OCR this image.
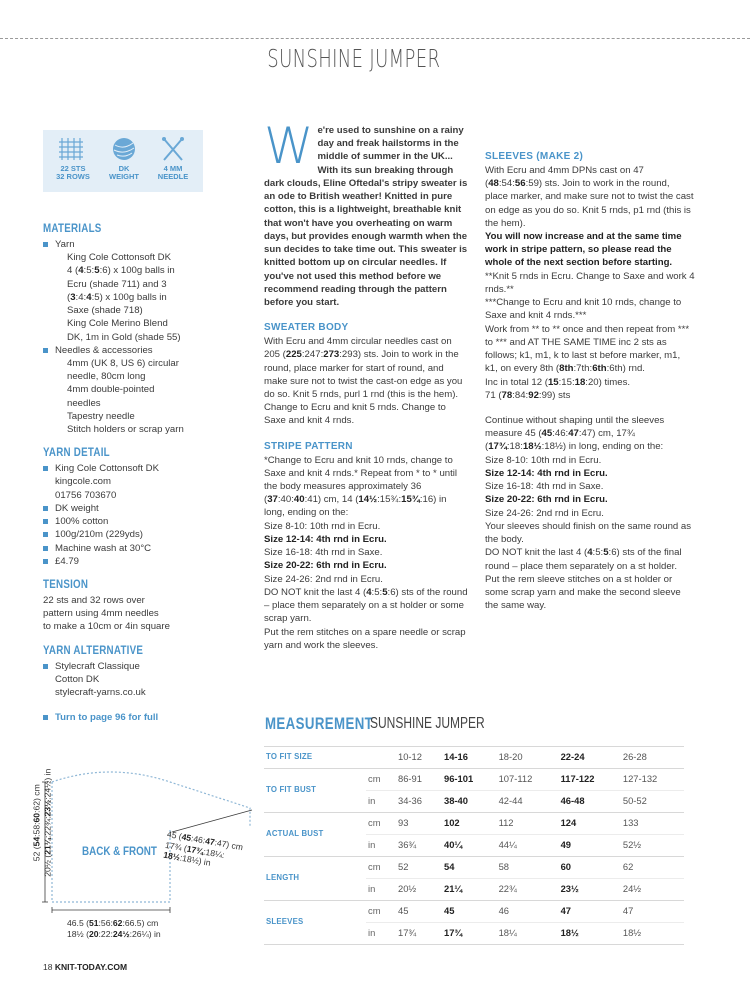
SUNSHINE JUMPER
22 STS
32 ROWS
DK
WEIGHT
4 MM
NEEDLE
MATERIALS
Yarn
King Cole Cottonsoft DK
4 (4:5:5:6) x 100g balls in
Ecru (shade 711) and 3
(3:4:4:5) x 100g balls in
Saxe (shade 718)
King Cole Merino Blend
DK, 1m in Gold (shade 55)
Needles & accessories
4mm (UK 8, US 6) circular
needle, 80cm long
4mm double-pointed
needles
Tapestry needle
Stitch holders or scrap yarn
YARN DETAIL
King Cole Cottonsoft DK
kingcole.com
01756 703670
DK weight
100% cotton
100g/210m (229yds)
Machine wash at 30°C
£4.79
TENSION
22 sts and 32 rows over
pattern using 4mm needles
to make a 10cm or 4in square
YARN ALTERNATIVE
Stylecraft Classique
Cotton DK
stylecraft-yarns.co.uk
Turn to page 96 for full
BACK & FRONT
52 (54:58:60:62) cm
20½ (21¼:22¾:23½:24½) in
46.5 (51:56:62:66.5) cm
18½ (20:22:24½:26¼) in
45 (45:46:47:47) cm
17¾ (17¾:18¼:
18½:18½) in
We're used to sunshine on a rainy day and freak hailstorms in the middle of summer in the UK... With its sun breaking through dark clouds, Eline Oftedal's stripy sweater is an ode to British weather! Knitted in pure cotton, this is a lightweight, breathable knit that won't have you overheating on warm days, but provides enough warmth when the sun decides to take time out. This sweater is knitted bottom up on circular needles. If you've not used this method before we recommend reading through the pattern before you start.
SWEATER BODY
With Ecru and 4mm circular needles cast on 205 (225:247:273:293) sts. Join to work in the round, place marker for start of round, and make sure not to twist the cast-on edge as you do so. Knit 5 rnds, purl 1 rnd (this is the hem). Change to Ecru and knit 5 rnds. Change to Saxe and knit 4 rnds.
STRIPE PATTERN
*Change to Ecru and knit 10 rnds, change to Saxe and knit 4 rnds.* Repeat from * to * until the body measures approximately 36 (37:40:40:41) cm, 14 (14½:15¾:15¾:16) in long, ending on the:
Size 8-10: 10th rnd in Ecru.
Size 12-14: 4th rnd in Ecru.
Size 16-18: 4th rnd in Saxe.
Size 20-22: 6th rnd in Ecru.
Size 24-26: 2nd rnd in Ecru.
DO NOT knit the last 4 (4:5:5:6) sts of the round – place them separately on a st holder or some scrap yarn.
Put the rem stitches on a spare needle or scrap yarn and work the sleeves.
SLEEVES (MAKE 2)
With Ecru and 4mm DPNs cast on 47 (48:54:56:59) sts. Join to work in the round, place marker, and make sure not to twist the cast on edge as you do so. Knit 5 rnds, p1 rnd (this is the hem).
You will now increase and at the same time work in stripe pattern, so please read the whole of the next section before starting.
**Knit 5 rnds in Ecru. Change to Saxe and work 4 rnds.**
***Change to Ecru and knit 10 rnds, change to Saxe and knit 4 rnds.***
Work from ** to ** once and then repeat from *** to *** and AT THE SAME TIME inc 2 sts as follows; k1, m1, k to last st before marker, m1, k1, on every 8th (8th:7th:6th:6th) rnd.
Inc in total 12 (15:15:18:20) times.
71 (78:84:92:99) sts
Continue without shaping until the sleeves measure 45 (45:46:47:47) cm, 17¾ (17¾:18:18½:18½) in long, ending on the:
Size 8-10: 10th rnd in Ecru.
Size 12-14: 4th rnd in Ecru.
Size 16-18: 4th rnd in Saxe.
Size 20-22: 6th rnd in Ecru.
Size 24-26: 2nd rnd in Ecru.
Your sleeves should finish on the same round as the body.
DO NOT knit the last 4 (4:5:5:6) sts of the final round – place them separately on a st holder.
Put the rem sleeve stitches on a st holder or some scrap yarn and make the second sleeve the same way.
MEASUREMENT
SUNSHINE JUMPER
TO FIT SIZE		10-12	14-16	18-20	22-24	26-28
TO FIT BUST	cm	86-91	96-101	107-112	117-122	127-132
	in	34-36	38-40	42-44	46-48	50-52
ACTUAL BUST	cm	93	102	112	124	133
	in	36¾	40¼	44¼	49	52½
LENGTH	cm	52	54	58	60	62
	in	20½	21¼	22¾	23½	24½
SLEEVES	cm	45	45	46	47	47
	in	17¾	17¾	18¼	18½	18½
18 KNIT-TODAY.COM
